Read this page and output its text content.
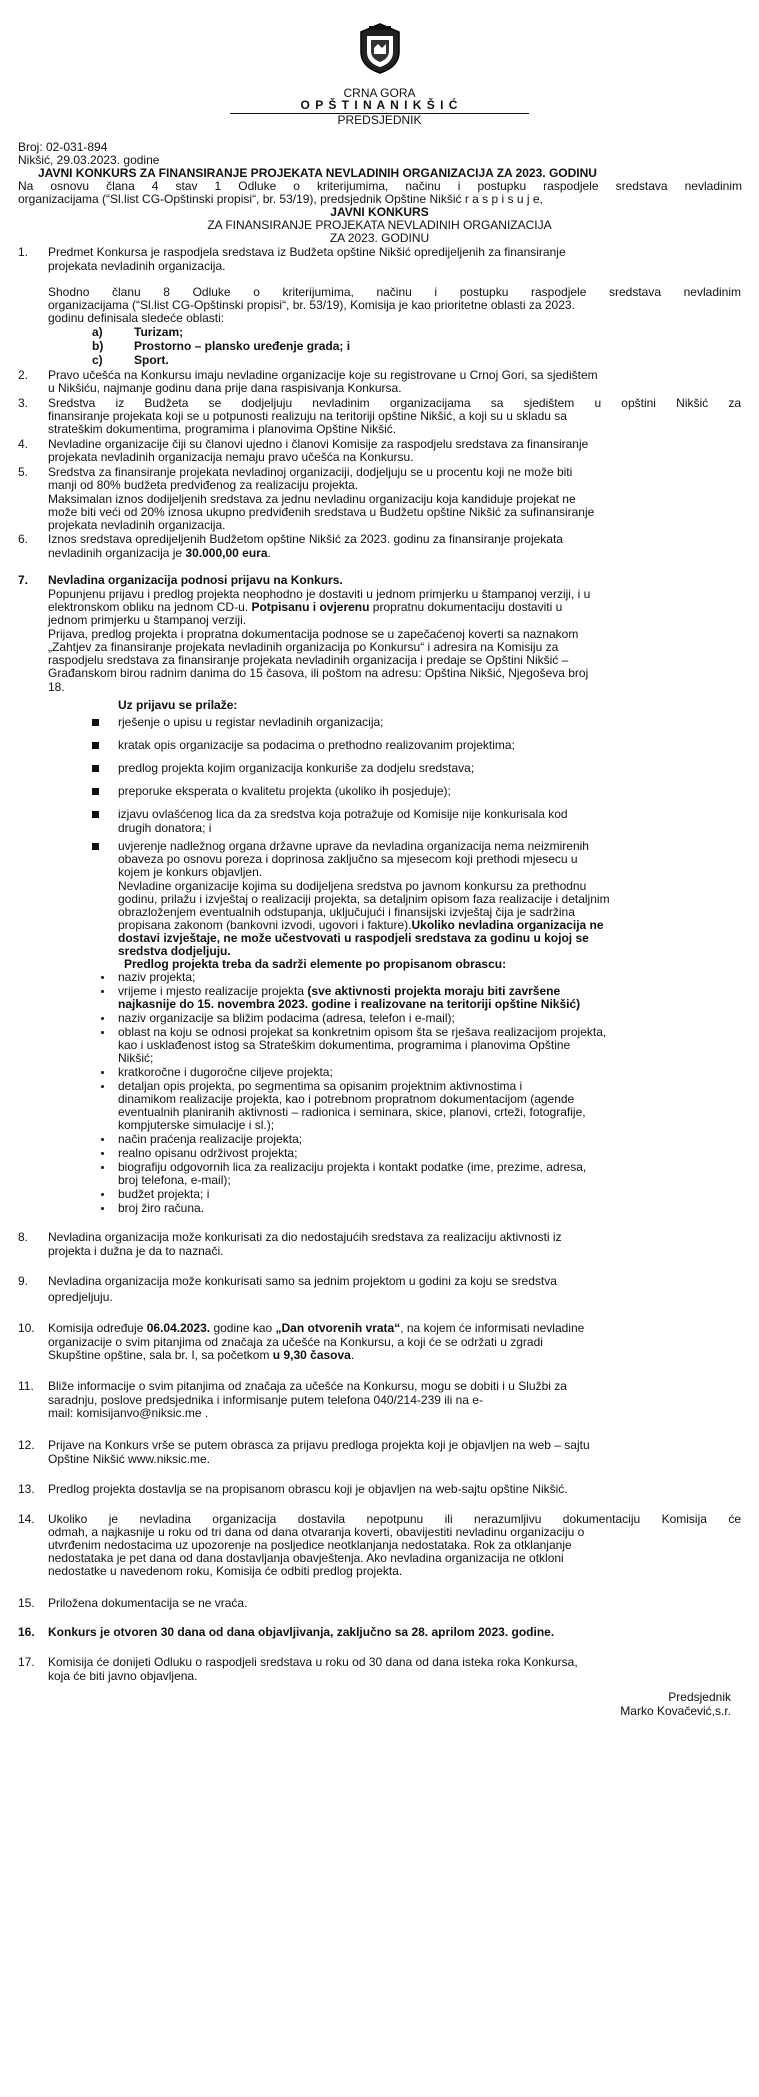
CRNA GORA
O P Š T I N A N I K Š I Ć
PREDSJEDNIK
Broj: 02-031-894
Nikšić, 29.03.2023. godine
JAVNI KONKURS ZA FINANSIRANJE PROJEKATA NEVLADINIH ORGANIZACIJA ZA 2023. GODINU
Na osnovu člana 4 stav 1 Odluke o kriterijumima, načinu i postupku raspodjele sredstava nevladinim
organizacijama (“Sl.list CG-Opštinski propisi“, br. 53/19), predsjednik Opštine Nikšić r a s p i s u j e,
JAVNI KONKURS
ZA FINANSIRANJE PROJEKATA NEVLADINIH ORGANIZACIJA
ZA 2023. GODINU
1.	Predmet Konkursa je raspodjela sredstava iz Budžeta opštine Nikšić opredijeljenih za finansiranje
projekata nevladinih organizacija.
Shodno članu 8 Odluke o kriterijumima, načinu i postupku raspodjele sredstava nevladinim
organizacijama (“Sl.list CG-Opštinski propisi“, br. 53/19), Komisija je kao prioritetne oblasti za 2023.
godinu definisala sledeće oblasti:
a)	Turizam;
b)	Prostorno – plansko uređenje grada; i
c)	Sport.
2.	Pravo učešća na Konkursu imaju nevladine organizacije koje su registrovane u Crnoj Gori, sa sjedištem
u Nikšiću, najmanje godinu dana prije dana raspisivanja Konkursa.
3.	Sredstva iz Budžeta se dodjeljuju nevladinim organizacijama sa sjedištem u opštini Nikšić za
finansiranje projekata koji se u potpunosti realizuju na teritoriji opštine Nikšić, a koji su u skladu sa
strateškim dokumentima, programima i planovima Opštine Nikšić.
4.	Nevladine organizacije čiji su članovi ujedno i članovi Komisije za raspodjelu sredstava za finansiranje
projekata nevladinih organizacija nemaju pravo učešća na Konkursu.
5.	Sredstva za finansiranje projekata nevladinoj organizaciji, dodjeljuju se u procentu koji ne može biti
manji od 80% budžeta predviđenog za realizaciju projekta.
Maksimalan iznos dodijeljenih sredstava za jednu nevladinu organizaciju koja kandiduje projekat ne
može biti veći od 20% iznosa ukupno predviđenih sredstava u Budžetu opštine Nikšić za sufinansiranje
projekata nevladinih organizacija.
6.	Iznos sredstava opredijeljenih Budžetom opštine Nikšić za 2023. godinu za finansiranje projekata
nevladinih organizacija je 30.000,00 eura.
7.	Nevladina organizacija podnosi prijavu na Konkurs.
Popunjenu prijavu i predlog projekta neophodno je dostaviti u jednom primjerku u štampanoj verziji, i u
elektronskom obliku na jednom CD-u. Potpisanu i ovjerenu propratnu dokumentaciju dostaviti u
jednom primjerku u štampanoj verziji.
Prijava, predlog projekta i propratna dokumentacija podnose se u zapečaćenoj koverti sa naznakom
„Zahtjev za finansiranje projekata nevladinih organizacija po Konkursu“ i adresira na Komisiju za
raspodjelu sredstava za finansiranje projekata nevladinih organizacija i predaje se Opštini Nikšić –
Građanskom birou radnim danima do 15 časova, ili poštom na adresu: Opština Nikšić, Njegoševa broj
18.
Uz prijavu se prilaže:
rješenje o upisu u registar nevladinih organizacija;
kratak opis organizacije sa podacima o prethodno realizovanim projektima;
predlog projekta kojim organizacija konkuriše za dodjelu sredstava;
preporuke eksperata o kvalitetu projekta (ukoliko ih posjeduje);
izjavu ovlašćenog lica da za sredstva koja potražuje od Komisije nije konkurisala kod
drugih donatora; i
uvjerenje nadležnog organa državne uprave da nevladina organizacija nema neizmirenih
obaveza po osnovu poreza i doprinosa zaključno sa mjesecom koji prethodi mjesecu u
kojem je konkurs objavljen.
Nevladine organizacije kojima su dodijeljena sredstva po javnom konkursu za prethodnu
godinu, prilažu i izvještaj o realizaciji projekta, sa detaljnim opisom faza realizacije i detaljnim
obrazloženjem eventualnih odstupanja, uključujući i finansijski izvještaj čija je sadržina
propisana zakonom (bankovni izvodi, ugovori i fakture).Ukoliko nevladina organizacija ne
dostavi izvještaje, ne može učestvovati u raspodjeli sredstava za godinu u kojoj se
sredstva dodjeljuju.
Predlog projekta treba da sadrži elemente po propisanom obrascu:
naziv projekta;
vrijeme i mjesto realizacije projekta (sve aktivnosti projekta moraju biti završene
najkasnije do 15. novembra 2023. godine i realizovane na teritoriji opštine Nikšić)
naziv organizacije sa bližim podacima (adresa, telefon i e-mail);
oblast na koju se odnosi projekat sa konkretnim opisom šta se rješava realizacijom projekta,
kao i usklađenost istog sa Strateškim dokumentima, programima i planovima Opštine
Nikšić;
kratkoročne i dugoročne ciljeve projekta;
detaljan opis projekta, po segmentima sa opisanim projektnim aktivnostima i
dinamikom realizacije projekta, kao i potrebnom propratnom dokumentacijom (agende
eventualnih planiranih aktivnosti – radionica i seminara, skice, planovi, crteži, fotografije,
kompjuterske simulacije i sl.);
način praćenja realizacije projekta;
realno opisanu održivost projekta;
biografiju odgovornih lica za realizaciju projekta i kontakt podatke (ime, prezime, adresa,
broj telefona, e-mail);
budžet projekta; i
broj žiro računa.
8.	Nevladina organizacija može konkurisati za dio nedostajućih sredstava za realizaciju aktivnosti iz
projekta i dužna je da to naznači.
9.	Nevladina organizacija može konkurisati samo sa jednim projektom u godini za koju se sredstva
opredjeljuju.
10.	Komisija određuje 06.04.2023. godine kao „Dan otvorenih vrata“, na kojem će informisati nevladine
organizacije o svim pitanjima od značaja za učešće na Konkursu, a koji će se održati u zgradi
Skupštine opštine, sala br. I, sa početkom u 9,30 časova.
11.	Bliže informacije o svim pitanjima od značaja za učešće na Konkursu, mogu se dobiti i u Službi za
saradnju, poslove predsjednika i informisanje putem telefona 040/214-239 ili na e-
mail: komisijanvo@niksic.me .
12.	Prijave na Konkurs vrše se putem obrasca za prijavu predloga projekta koji je objavljen na web – sajtu
Opštine Nikšić www.niksic.me.
13.	Predlog projekta dostavlja se na propisanom obrascu koji je objavljen na web-sajtu opštine Nikšić.
14.	Ukoliko je nevladina organizacija dostavila nepotpunu ili nerazumljivu dokumentaciju Komisija će
odmah, a najkasnije u roku od tri dana od dana otvaranja koverti, obavijestiti nevladinu organizaciju o
utvrđenim nedostacima uz upozorenje na posljedice neotklanjanja nedostataka. Rok za otklanjanje
nedostataka je pet dana od dana dostavljanja obavještenja. Ako nevladina organizacija ne otkloni
nedostatke u navedenom roku, Komisija će odbiti predlog projekta.
15.	Priložena dokumentacija se ne vraća.
16.	Konkurs je otvoren 30 dana od dana objavljivanja, zaključno sa 28. aprilom 2023. godine.
17.	Komisija će donijeti Odluku o raspodjeli sredstava u roku od 30 dana od dana isteka roka Konkursa,
koja će biti javno objavljena.
Predsjednik
Marko Kovačević,s.r.
